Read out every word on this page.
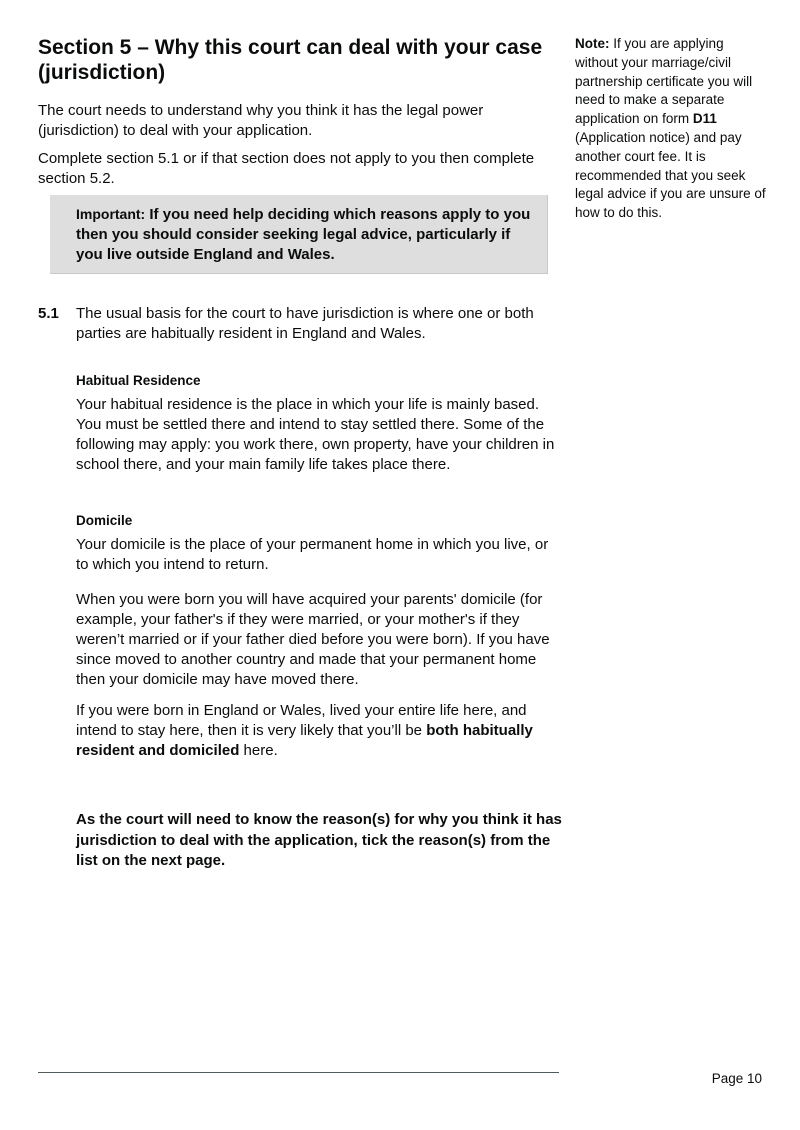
Section 5 – Why this court can deal with your case (jurisdiction)
The court needs to understand why you think it has the legal power (jurisdiction) to deal with your application.
Complete section 5.1 or if that section does not apply to you then complete section 5.2.
Important: If you need help deciding which reasons apply to you then you should consider seeking legal advice, particularly if you live outside England and Wales.
5.1 The usual basis for the court to have jurisdiction is where one or both parties are habitually resident in England and Wales.
Habitual Residence
Your habitual residence is the place in which your life is mainly based. You must be settled there and intend to stay settled there. Some of the following may apply: you work there, own property, have your children in school there, and your main family life takes place there.
Domicile
Your domicile is the place of your permanent home in which you live, or to which you intend to return.
When you were born you will have acquired your parents' domicile (for example, your father's if they were married, or your mother's if they weren’t married or if your father died before you were born). If you have since moved to another country and made that your permanent home then your domicile may have moved there.
If you were born in England or Wales, lived your entire life here, and intend to stay here, then it is very likely that you’ll be both habitually resident and domiciled here.
As the court will need to know the reason(s) for why you think it has jurisdiction to deal with the application, tick the reason(s) from the list on the next page.
Note: If you are applying without your marriage/civil partnership certificate you will need to make a separate application on form D11 (Application notice) and pay another court fee. It is recommended that you seek legal advice if you are unsure of how to do this.
Page 10
